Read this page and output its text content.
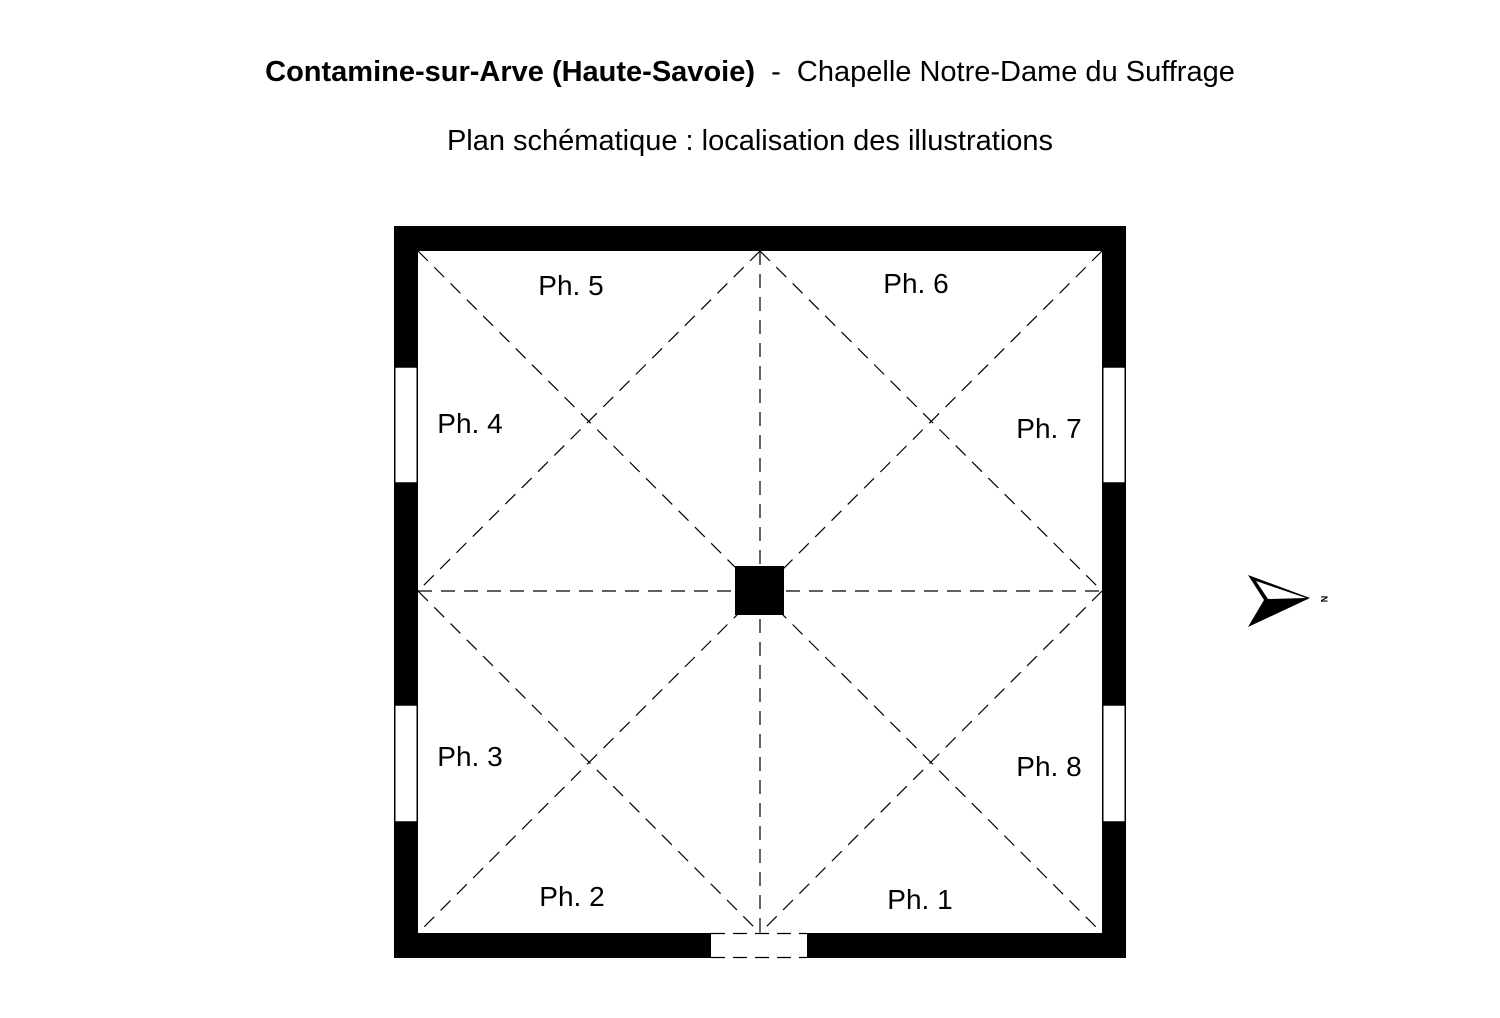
Contamine-sur-Arve (Haute-Savoie) - Chapelle Notre-Dame du Suffrage
Plan schématique : localisation des illustrations
Ph. 1
Ph. 2
Ph. 3
Ph. 4
Ph. 5	Ph. 6
Ph. 7
Ph. 8
N
